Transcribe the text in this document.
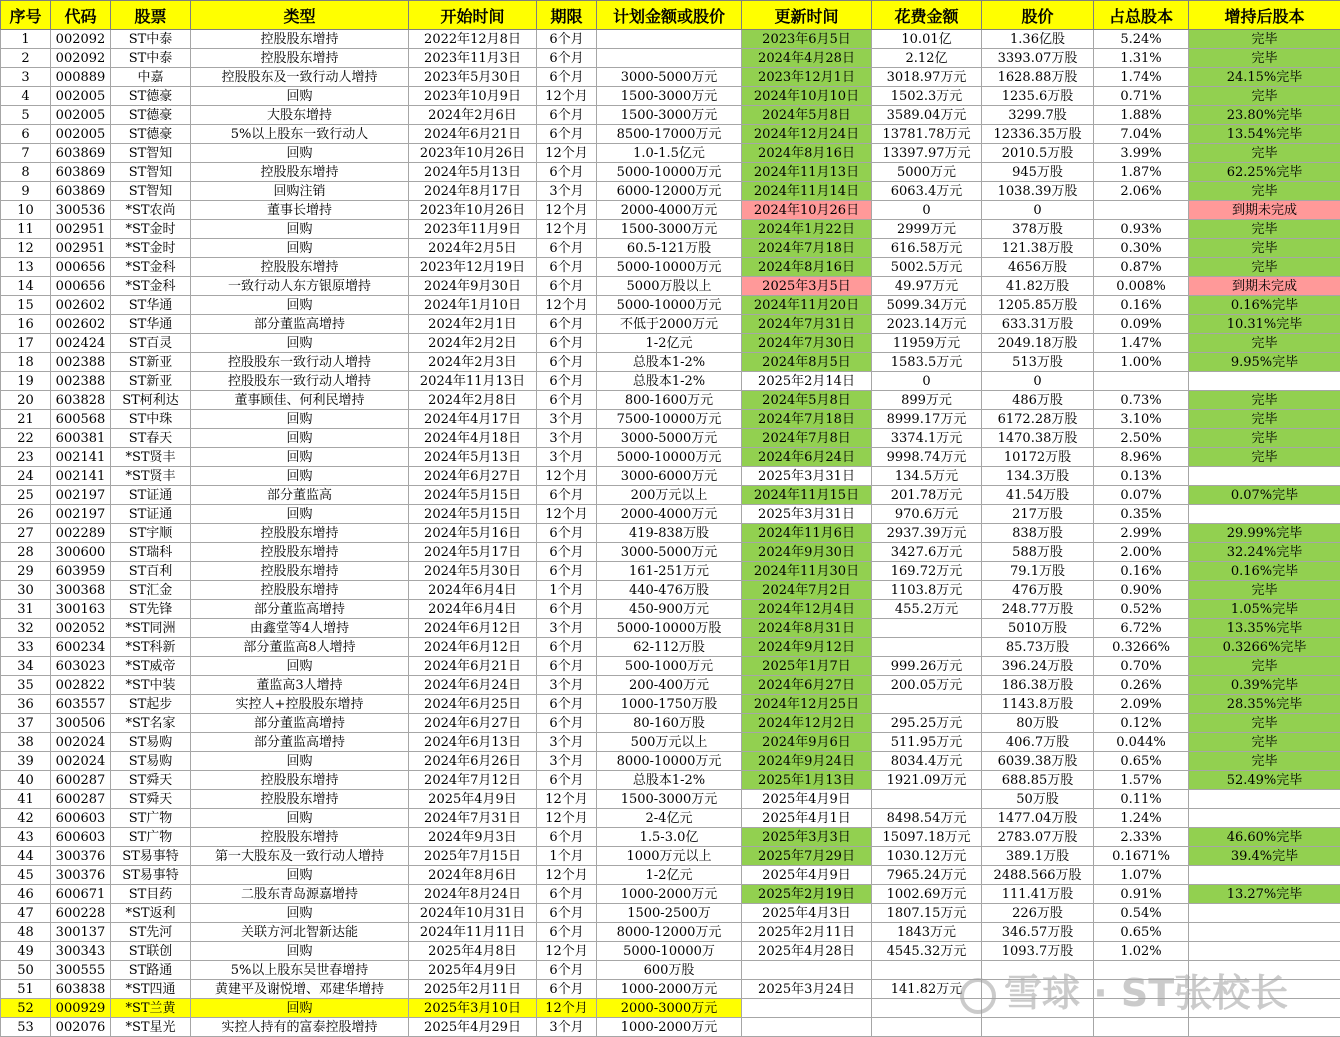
序号	代码	股票	类型	开始时间	期限	计划金额或股价	更新时间	花费金额	股价	占总股本	增持后股本
1	002092	ST中泰	控股股东增持	2022年12月8日	6个月		2023年6月5日	10.01亿	1.36亿股	5.24%	完毕
2	002092	ST中泰	控股股东增持	2023年11月3日	6个月		2024年4月28日	2.12亿	3393.07万股	1.31%	完毕
3	000889	中嘉	控股股东及一致行动人增持	2023年5月30日	6个月	3000-5000万元	2023年12月1日	3018.97万元	1628.88万股	1.74%	24.15%完毕
4	002005	ST德豪	回购	2023年10月9日	12个月	1500-3000万元	2024年10月10日	1502.3万元	1235.6万股	0.71%	完毕
5	002005	ST德豪	大股东增持	2024年2月6日	6个月	1500-3000万元	2024年5月8日	3589.04万元	3299.7股	1.88%	23.80%完毕
6	002005	ST德豪	5%以上股东一致行动人	2024年6月21日	6个月	8500-17000万元	2024年12月24日	13781.78万元	12336.35万股	7.04%	13.54%完毕
7	603869	ST智知	回购	2023年10月26日	12个月	1.0-1.5亿元	2024年8月16日	13397.97万元	2010.5万股	3.99%	完毕
8	603869	ST智知	控股股东增持	2024年5月13日	6个月	5000-10000万元	2024年11月13日	5000万元	945万股	1.87%	62.25%完毕
9	603869	ST智知	回购注销	2024年8月17日	3个月	6000-12000万元	2024年11月14日	6063.4万元	1038.39万股	2.06%	完毕
10	300536	*ST农尚	董事长增持	2023年10月26日	12个月	2000-4000万元	2024年10月26日	0	0		到期未完成
11	002951	*ST金时	回购	2023年11月9日	12个月	1500-3000万元	2024年1月22日	2999万元	378万股	0.93%	完毕
12	002951	*ST金时	回购	2024年2月5日	6个月	60.5-121万股	2024年7月18日	616.58万元	121.38万股	0.30%	完毕
13	000656	*ST金科	控股股东增持	2023年12月19日	6个月	5000-10000万元	2024年8月16日	5002.5万元	4656万股	0.87%	完毕
14	000656	*ST金科	一致行动人东方银原增持	2024年9月30日	6个月	5000万股以上	2025年3月5日	49.97万元	41.82万股	0.008%	到期未完成
15	002602	ST华通	回购	2024年1月10日	12个月	5000-10000万元	2024年11月20日	5099.34万元	1205.85万股	0.16%	0.16%完毕
16	002602	ST华通	部分董监高增持	2024年2月1日	6个月	不低于2000万元	2024年7月31日	2023.14万元	633.31万股	0.09%	10.31%完毕
17	002424	ST百灵	回购	2024年2月2日	6个月	1-2亿元	2024年7月30日	11959万元	2049.18万股	1.47%	完毕
18	002388	ST新亚	控股股东一致行动人增持	2024年2月3日	6个月	总股本1-2%	2024年8月5日	1583.5万元	513万股	1.00%	9.95%完毕
19	002388	ST新亚	控股股东一致行动人增持	2024年11月13日	6个月	总股本1-2%	2025年2月14日	0	0		
20	603828	ST柯利达	董事顾佳、何利民增持	2024年2月8日	6个月	800-1600万元	2024年5月8日	899万元	486万股	0.73%	完毕
21	600568	ST中珠	回购	2024年4月17日	3个月	7500-10000万元	2024年7月18日	8999.17万元	6172.28万股	3.10%	完毕
22	600381	ST春天	回购	2024年4月18日	3个月	3000-5000万元	2024年7月8日	3374.1万元	1470.38万股	2.50%	完毕
23	002141	*ST贤丰	回购	2024年5月13日	3个月	5000-10000万元	2024年6月24日	9998.74万元	10172万股	8.96%	完毕
24	002141	*ST贤丰	回购	2024年6月27日	12个月	3000-6000万元	2025年3月31日	134.5万元	134.3万股	0.13%	
25	002197	ST证通	部分董监高	2024年5月15日	6个月	200万元以上	2024年11月15日	201.78万元	41.54万股	0.07%	0.07%完毕
26	002197	ST证通	回购	2024年5月15日	12个月	2000-4000万元	2025年3月31日	970.6万元	217万股	0.35%	
27	002289	ST宇顺	控股股东增持	2024年5月16日	6个月	419-838万股	2024年11月6日	2937.39万元	838万股	2.99%	29.99%完毕
28	300600	ST瑞科	控股股东增持	2024年5月17日	6个月	3000-5000万元	2024年9月30日	3427.6万元	588万股	2.00%	32.24%完毕
29	603959	ST百利	控股股东增持	2024年5月30日	6个月	161-251万元	2024年11月30日	169.72万元	79.1万股	0.16%	0.16%完毕
30	300368	ST汇金	控股股东增持	2024年6月4日	1个月	440-476万股	2024年7月2日	1103.8万元	476万股	0.90%	完毕
31	300163	ST先锋	部分董监高增持	2024年6月4日	6个月	450-900万元	2024年12月4日	455.2万元	248.77万股	0.52%	1.05%完毕
32	002052	*ST同洲	由鑫堂等4人增持	2024年6月12日	3个月	5000-10000万股	2024年8月31日		5010万股	6.72%	13.35%完毕
33	600234	*ST科新	部分董监高8人增持	2024年6月12日	6个月	62-112万股	2024年9月12日		85.73万股	0.3266%	0.3266%完毕
34	603023	*ST威帝	回购	2024年6月21日	6个月	500-1000万元	2025年1月7日	999.26万元	396.24万股	0.70%	完毕
35	002822	*ST中装	董监高3人增持	2024年6月24日	3个月	200-400万元	2024年6月27日	200.05万元	186.38万股	0.26%	0.39%完毕
36	603557	ST起步	实控人+控股股东增持	2024年6月25日	6个月	1000-1750万股	2024年12月25日		1143.8万股	2.09%	28.35%完毕
37	300506	*ST名家	部分董监高增持	2024年6月27日	6个月	80-160万股	2024年12月2日	295.25万元	80万股	0.12%	完毕
38	002024	ST易购	部分董监高增持	2024年6月13日	3个月	500万元以上	2024年9月6日	511.95万元	406.7万股	0.044%	完毕
39	002024	ST易购	回购	2024年6月26日	3个月	8000-10000万元	2024年9月24日	8034.4万元	6039.38万股	0.65%	完毕
40	600287	ST舜天	控股股东增持	2024年7月12日	6个月	总股本1-2%	2025年1月13日	1921.09万元	688.85万股	1.57%	52.49%完毕
41	600287	ST舜天	控股股东增持	2025年4月9日	12个月	1500-3000万元	2025年4月9日		50万股	0.11%	
42	600603	ST广物	回购	2024年7月31日	12个月	2-4亿元	2025年4月1日	8498.54万元	1477.04万股	1.24%	
43	600603	ST广物	控股股东增持	2024年9月3日	6个月	1.5-3.0亿	2025年3月3日	15097.18万元	2783.07万股	2.33%	46.60%完毕
44	300376	ST易事特	第一大股东及一致行动人增持	2025年7月15日	1个月	1000万元以上	2025年7月29日	1030.12万元	389.1万股	0.1671%	39.4%完毕
45	300376	ST易事特	回购	2024年8月6日	12个月	1-2亿元	2025年4月9日	7965.24万元	2488.566万股	1.07%	
46	600671	ST目药	二股东青岛源嘉增持	2024年8月24日	6个月	1000-2000万元	2025年2月19日	1002.69万元	111.41万股	0.91%	13.27%完毕
47	600228	*ST返利	回购	2024年10月31日	6个月	1500-2500万	2025年4月3日	1807.15万元	226万股	0.54%	
48	300137	ST先河	关联方河北智新达能	2024年11月11日	6个月	8000-12000万元	2025年2月11日	1843万元	346.57万股	0.65%	
49	300343	ST联创	回购	2025年4月8日	12个月	5000-10000万	2025年4月28日	4545.32万元	1093.7万股	1.02%	
50	300555	ST路通	5%以上股东吴世春增持	2025年4月9日	6个月	600万股					
51	603838	*ST四通	黄建平及谢悦增、邓建华增持	2025年2月11日	6个月	1000-2000万元	2025年3月24日	141.82万元			
52	000929	*ST兰黄	回购	2025年3月10日	12个月	2000-3000万元					
53	002076	*ST星光	实控人持有的富泰控股增持	2025年4月29日	3个月	1000-2000万元					
雪球 · ST张校长
